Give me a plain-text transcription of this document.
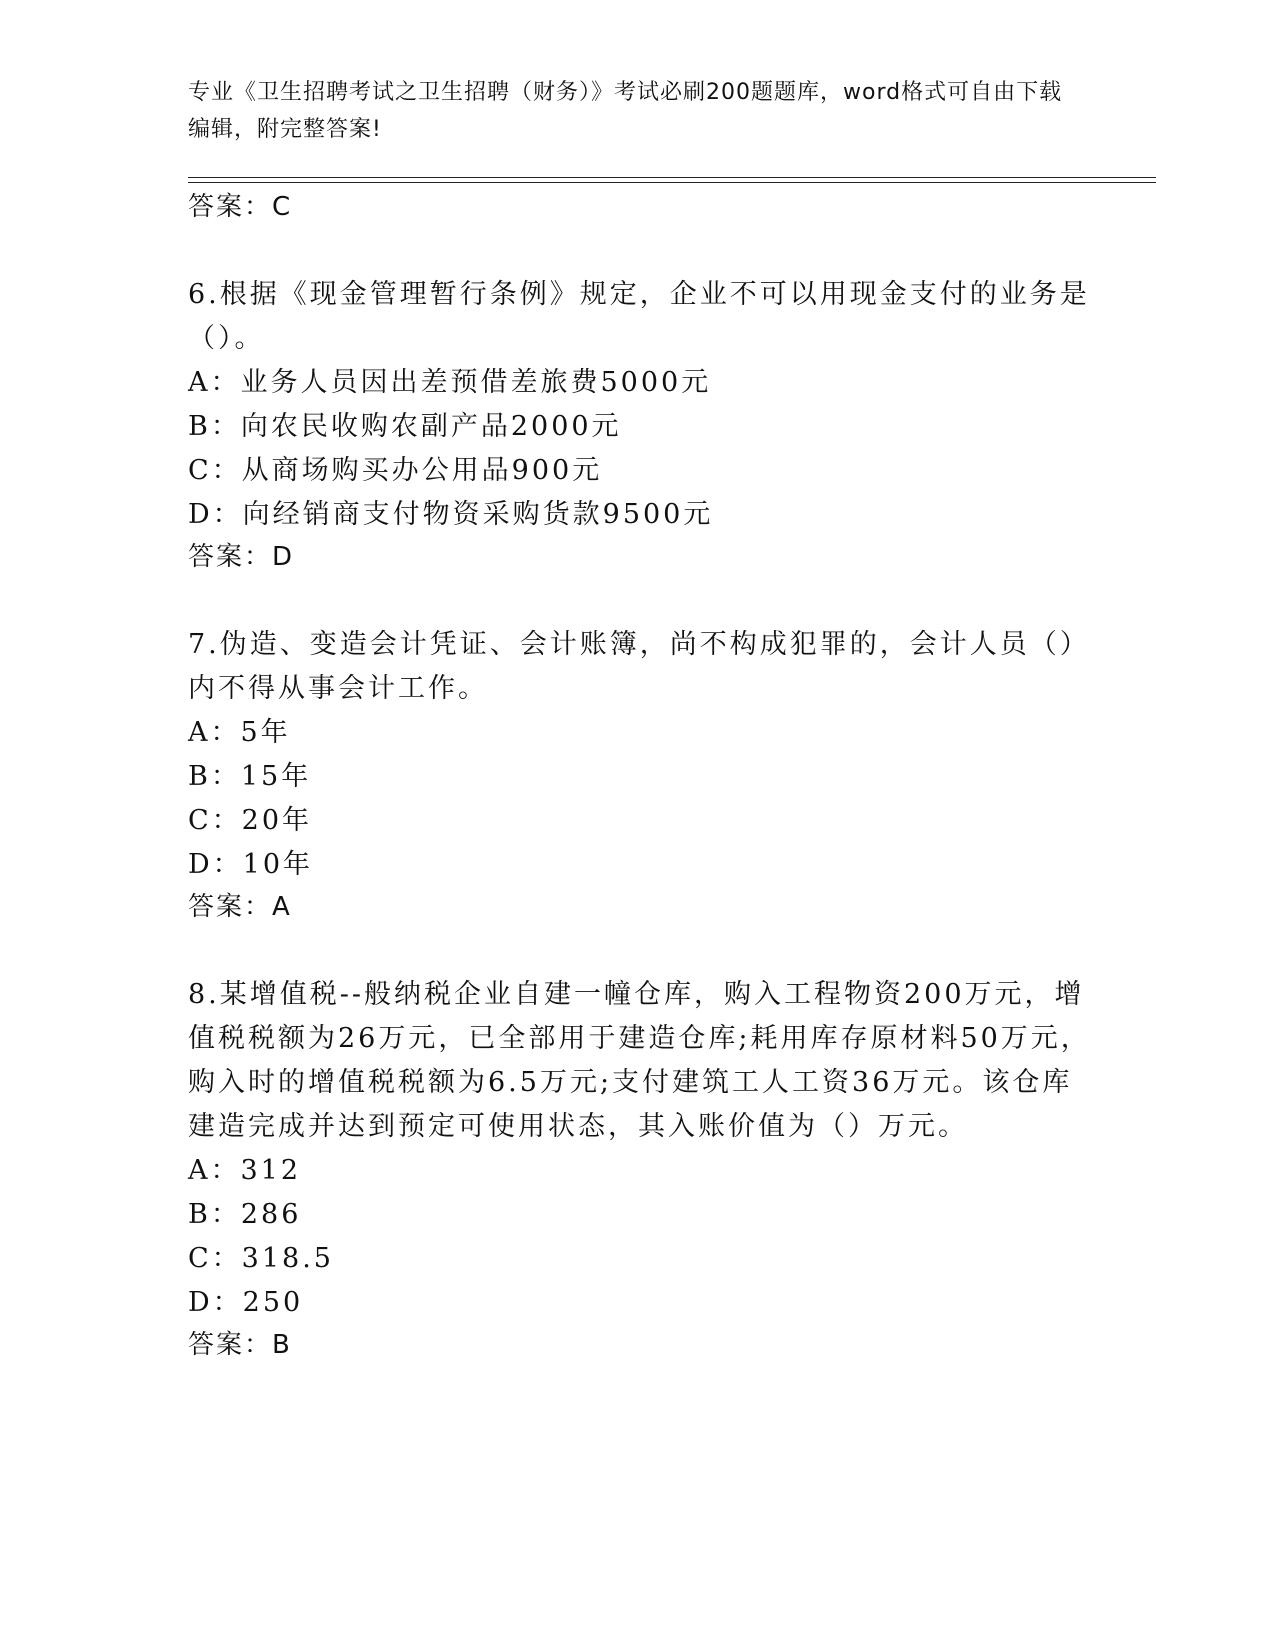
专业《卫生招聘考试之卫生招聘（财务）》考试必刷200题题库，word格式可自由下载编辑，附完整答案!
答案：C
6.根据《现金管理暂行条例》规定，企业不可以用现金支付的业务是
（）。
A：业务人员因出差预借差旅费5000元
B：向农民收购农副产品2000元
C：从商场购买办公用品900元
D：向经销商支付物资采购货款9500元
答案：D
7.伪造、变造会计凭证、会计账簿，尚不构成犯罪的，会计人员（）
内不得从事会计工作。
A：5年
B：15年
C：20年
D：10年
答案：A
8.某增值税--般纳税企业自建一幢仓库，购入工程物资200万元，增
值税税额为26万元，已全部用于建造仓库;耗用库存原材料50万元，
购入时的增值税税额为6.5万元;支付建筑工人工资36万元。该仓库
建造完成并达到预定可使用状态，其入账价值为（）万元。
A：312
B：286
C：318.5
D：250
答案：B
